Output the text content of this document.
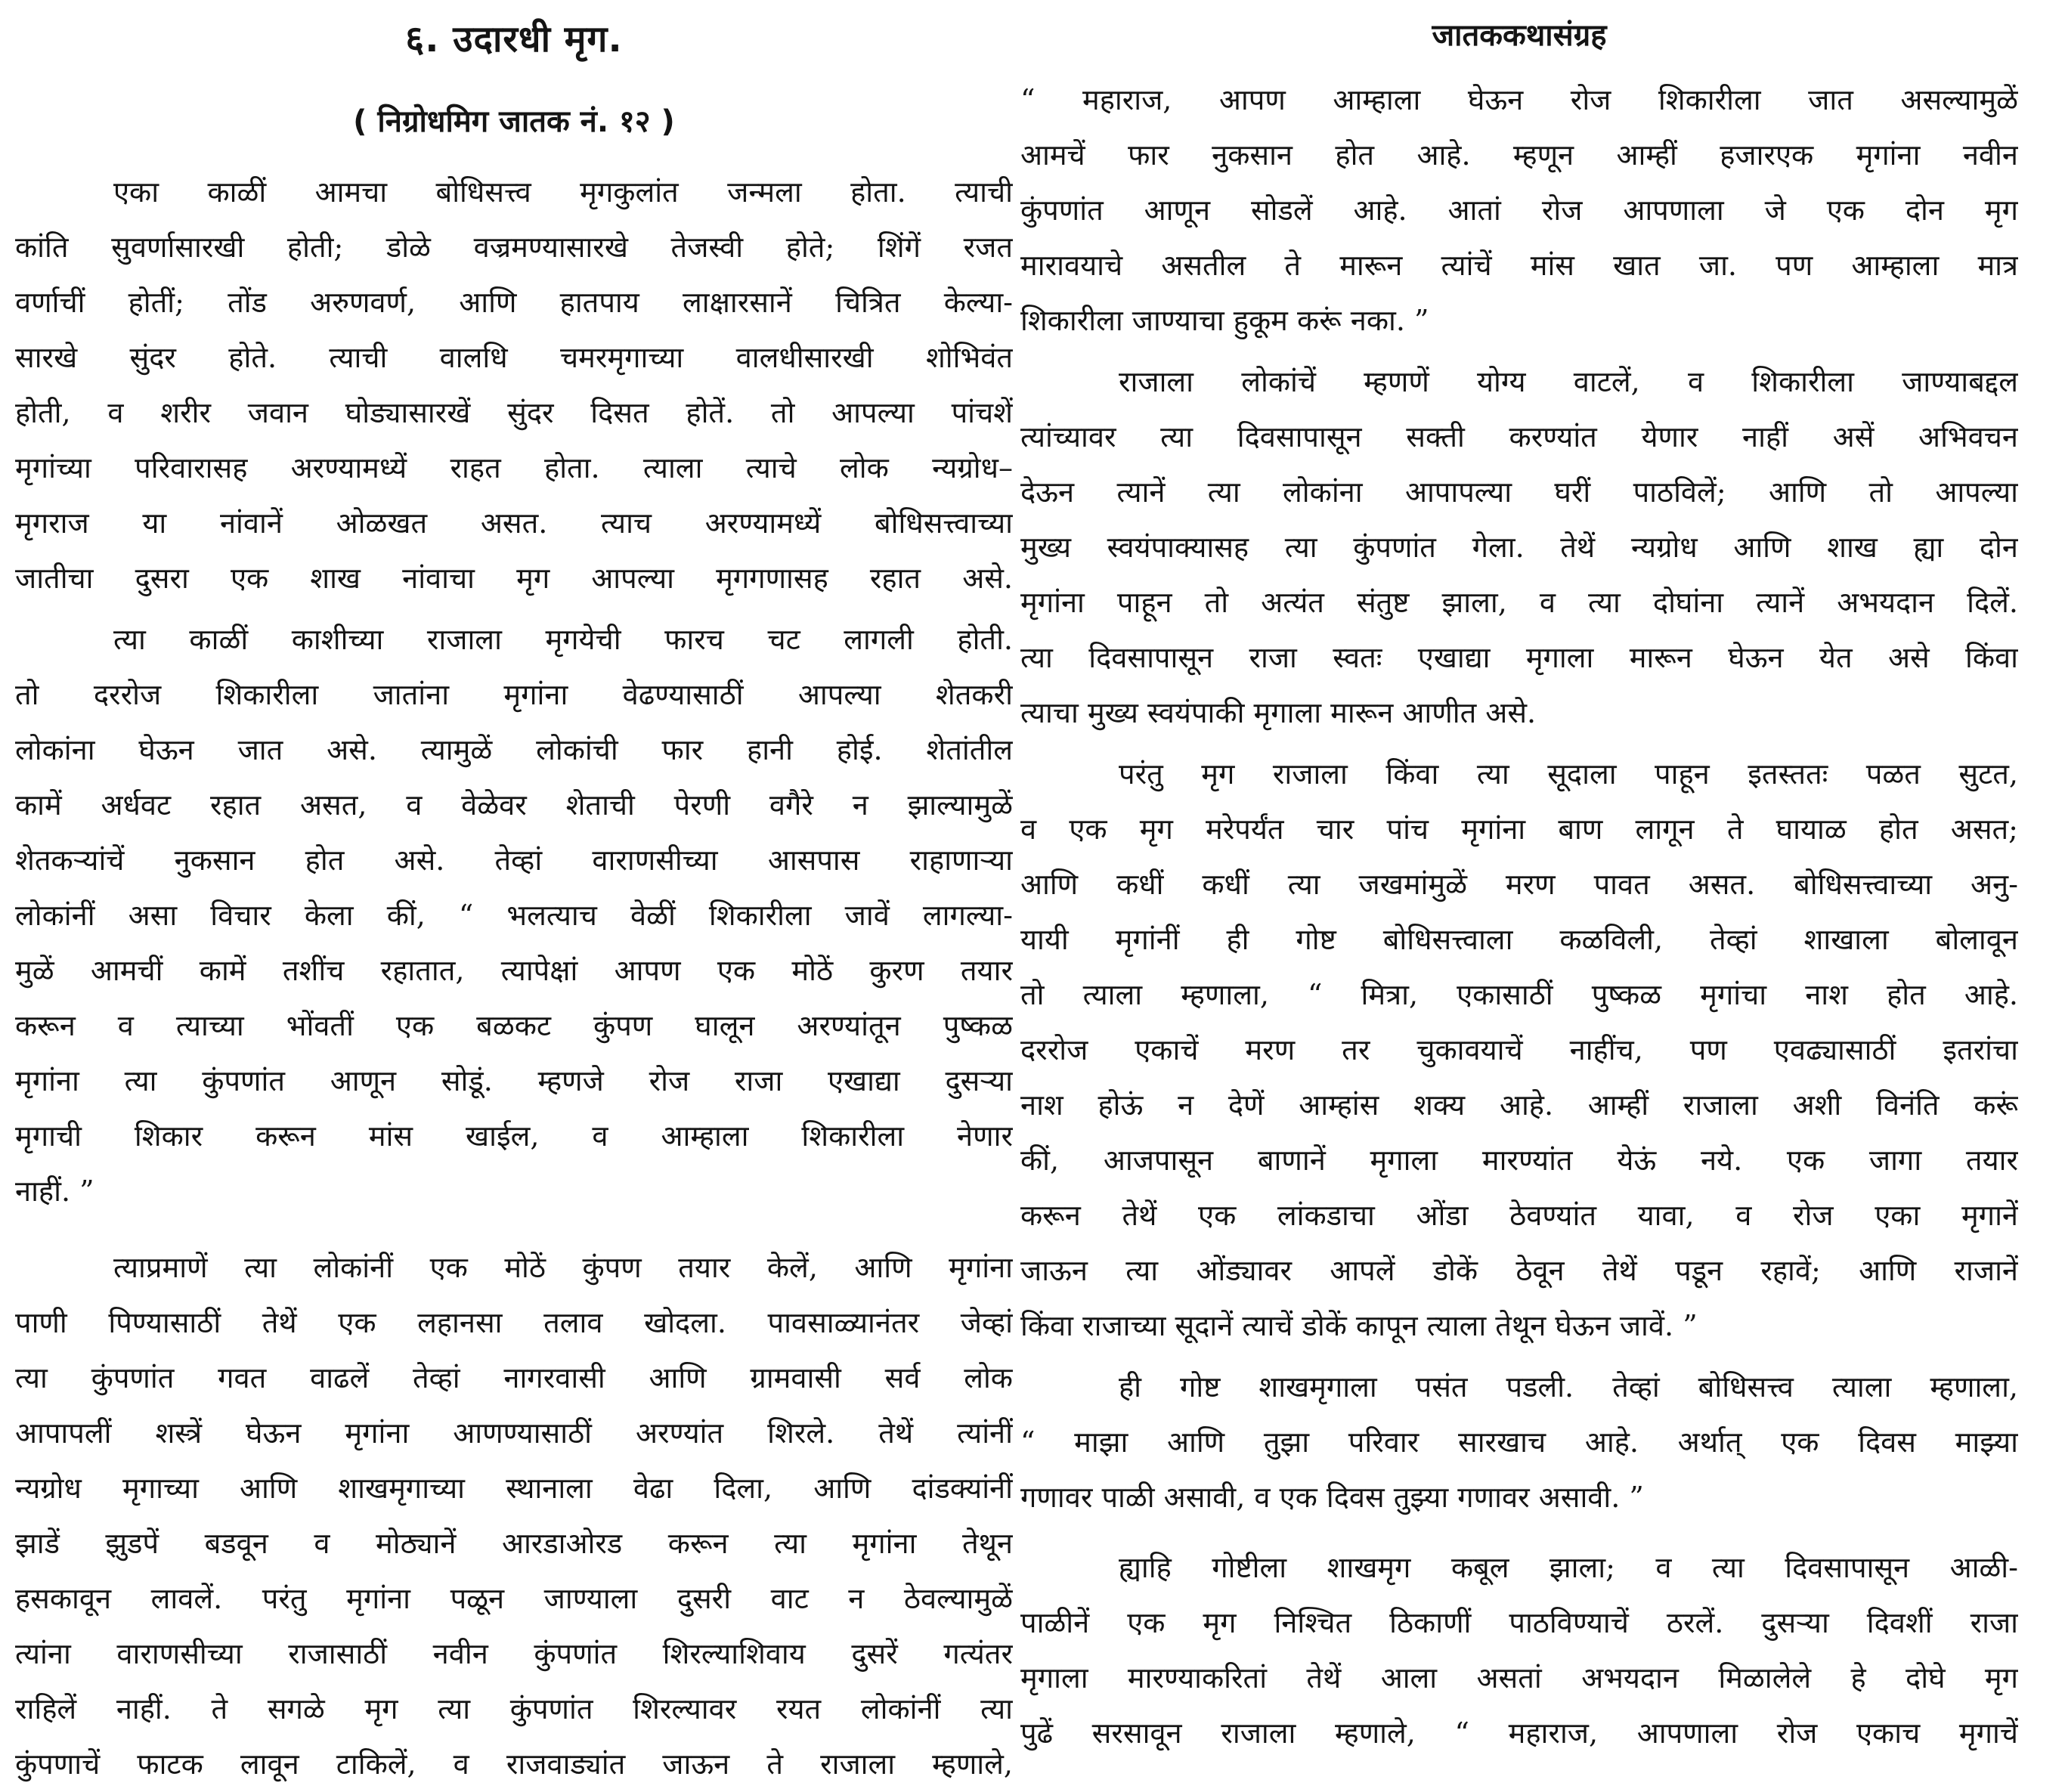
६. उदारधी मृग.
( निग्रोधमिग जातक नं. १२ )
एका काळीं आमचा बोधिसत्त्व मृगकुलांत जन्मला होता. त्याची
कांति सुवर्णासारखी होती; डोळे वज्रमण्यासारखे तेजस्वी होते; शिंगें रजत
वर्णाचीं होतीं; तोंड अरुणवर्ण, आणि हातपाय लाक्षारसानें चित्रित केल्या-
सारखे सुंदर होते. त्याची वालधि चमरमृगाच्या वालधीसारखी शोभिवंत
होती, व शरीर जवान घोड्यासारखें सुंदर दिसत होतें. तो आपल्या पांचशें
मृगांच्या परिवारासह अरण्यामध्यें राहत होता. त्याला त्याचे लोक न्यग्रोध–
मृगराज या नांवानें ओळखत असत. त्याच अरण्यामध्यें बोधिसत्त्वाच्या
जातीचा दुसरा एक शाख नांवाचा मृग आपल्या मृगगणासह रहात असे.
त्या काळीं काशीच्या राजाला मृगयेची फारच चट लागली होती.
तो दररोज शिकारीला जातांना मृगांना वेढण्यासाठीं आपल्या शेतकरी
लोकांना घेऊन जात असे. त्यामुळें लोकांची फार हानी होई. शेतांतील
कामें अर्धवट रहात असत, व वेळेवर शेताची पेरणी वगैरे न झाल्यामुळें
शेतकऱ्यांचें नुकसान होत असे. तेव्हां वाराणसीच्या आसपास राहाणाऱ्या
लोकांनीं असा विचार केला कीं, “ भलत्याच वेळीं शिकारीला जावें लागल्या-
मुळें आमचीं कामें तशींच रहातात, त्यापेक्षां आपण एक मोठें कुरण तयार
करून व त्याच्या भोंवतीं एक बळकट कुंपण घालून अरण्यांतून पुष्कळ
मृगांना त्या कुंपणांत आणून सोडूं. म्हणजे रोज राजा एखाद्या दुसऱ्या
मृगाची शिकार करून मांस खाईल, व आम्हाला शिकारीला नेणार
नाहीं. ”
त्याप्रमाणें त्या लोकांनीं एक मोठें कुंपण तयार केलें, आणि मृगांना
पाणी पिण्यासाठीं तेथें एक लहानसा तलाव खोदला. पावसाळ्यानंतर जेव्हां
त्या कुंपणांत गवत वाढलें तेव्हां नागरवासी आणि ग्रामवासी सर्व लोक
आपापलीं शस्त्रें घेऊन मृगांना आणण्यासाठीं अरण्यांत शिरले. तेथें त्यांनीं
न्यग्रोध मृगाच्या आणि शाखमृगाच्या स्थानाला वेढा दिला, आणि दांडक्यांनीं
झाडें झुडपें बडवून व मोठ्यानें आरडाओरड करून त्या मृगांना तेथून
हसकावून लावलें. परंतु मृगांना पळून जाण्याला दुसरी वाट न ठेवल्यामुळें
त्यांना वाराणसीच्या राजासाठीं नवीन कुंपणांत शिरल्याशिवाय दुसरें गत्यंतर
राहिलें नाहीं. ते सगळे मृग त्या कुंपणांत शिरल्यावर रयत लोकांनीं त्या
कुंपणाचें फाटक लावून टाकिलें, व राजवाड्यांत जाऊन ते राजाला म्हणाले,
जातककथासंग्रह
“ महाराज, आपण आम्हाला घेऊन रोज शिकारीला जात असल्यामुळें
आमचें फार नुकसान होत आहे. म्हणून आम्हीं हजारएक मृगांना नवीन
कुंपणांत आणून सोडलें आहे. आतां रोज आपणाला जे एक दोन मृग
मारावयाचे असतील ते मारून त्यांचें मांस खात जा. पण आम्हाला मात्र
शिकारीला जाण्याचा हुकूम करूं नका. ”
राजाला लोकांचें म्हणणें योग्य वाटलें, व शिकारीला जाण्याबद्दल
त्यांच्यावर त्या दिवसापासून सक्ती करण्यांत येणार नाहीं असें अभिवचन
देऊन त्यानें त्या लोकांना आपापल्या घरीं पाठविलें; आणि तो आपल्या
मुख्य स्वयंपाक्यासह त्या कुंपणांत गेला. तेथें न्यग्रोध आणि शाख ह्या दोन
मृगांना पाहून तो अत्यंत संतुष्ट झाला, व त्या दोघांना त्यानें अभयदान दिलें.
त्या दिवसापासून राजा स्वतः एखाद्या मृगाला मारून घेऊन येत असे किंवा
त्याचा मुख्य स्वयंपाकी मृगाला मारून आणीत असे.
परंतु मृग राजाला किंवा त्या सूदाला पाहून इतस्ततः पळत सुटत,
व एक मृग मरेपर्यंत चार पांच मृगांना बाण लागून ते घायाळ होत असत;
आणि कधीं कधीं त्या जखमांमुळें मरण पावत असत. बोधिसत्त्वाच्या अनु-
यायी मृगांनीं ही गोष्ट बोधिसत्त्वाला कळविली, तेव्हां शाखाला बोलावून
तो त्याला म्हणाला, “ मित्रा, एकासाठीं पुष्कळ मृगांचा नाश होत आहे.
दररोज एकाचें मरण तर चुकावयाचें नाहींच, पण एवढ्यासाठीं इतरांचा
नाश होऊं न देणें आम्हांस शक्य आहे. आम्हीं राजाला अशी विनंति करूं
कीं, आजपासून बाणानें मृगाला मारण्यांत येऊं नये. एक जागा तयार
करून तेथें एक लांकडाचा ओंडा ठेवण्यांत यावा, व रोज एका मृगानें
जाऊन त्या ओंड्यावर आपलें डोकें ठेवून तेथें पडून रहावें; आणि राजानें
किंवा राजाच्या सूदानें त्याचें डोकें कापून त्याला तेथून घेऊन जावें. ”
ही गोष्ट शाखमृगाला पसंत पडली. तेव्हां बोधिसत्त्व त्याला म्हणाला,
“ माझा आणि तुझा परिवार सारखाच आहे. अर्थात् एक दिवस माझ्या
गणावर पाळी असावी, व एक दिवस तुझ्या गणावर असावी. ”
ह्याहि गोष्टीला शाखमृग कबूल झाला; व त्या दिवसापासून आळी-
पाळीनें एक मृग निश्चित ठिकाणीं पाठविण्याचें ठरलें. दुसऱ्या दिवशीं राजा
मृगाला मारण्याकरितां तेथें आला असतां अभयदान मिळालेले हे दोघे मृग
पुढें सरसावून राजाला म्हणाले, “ महाराज, आपणाला रोज एकाच मृगाचें
